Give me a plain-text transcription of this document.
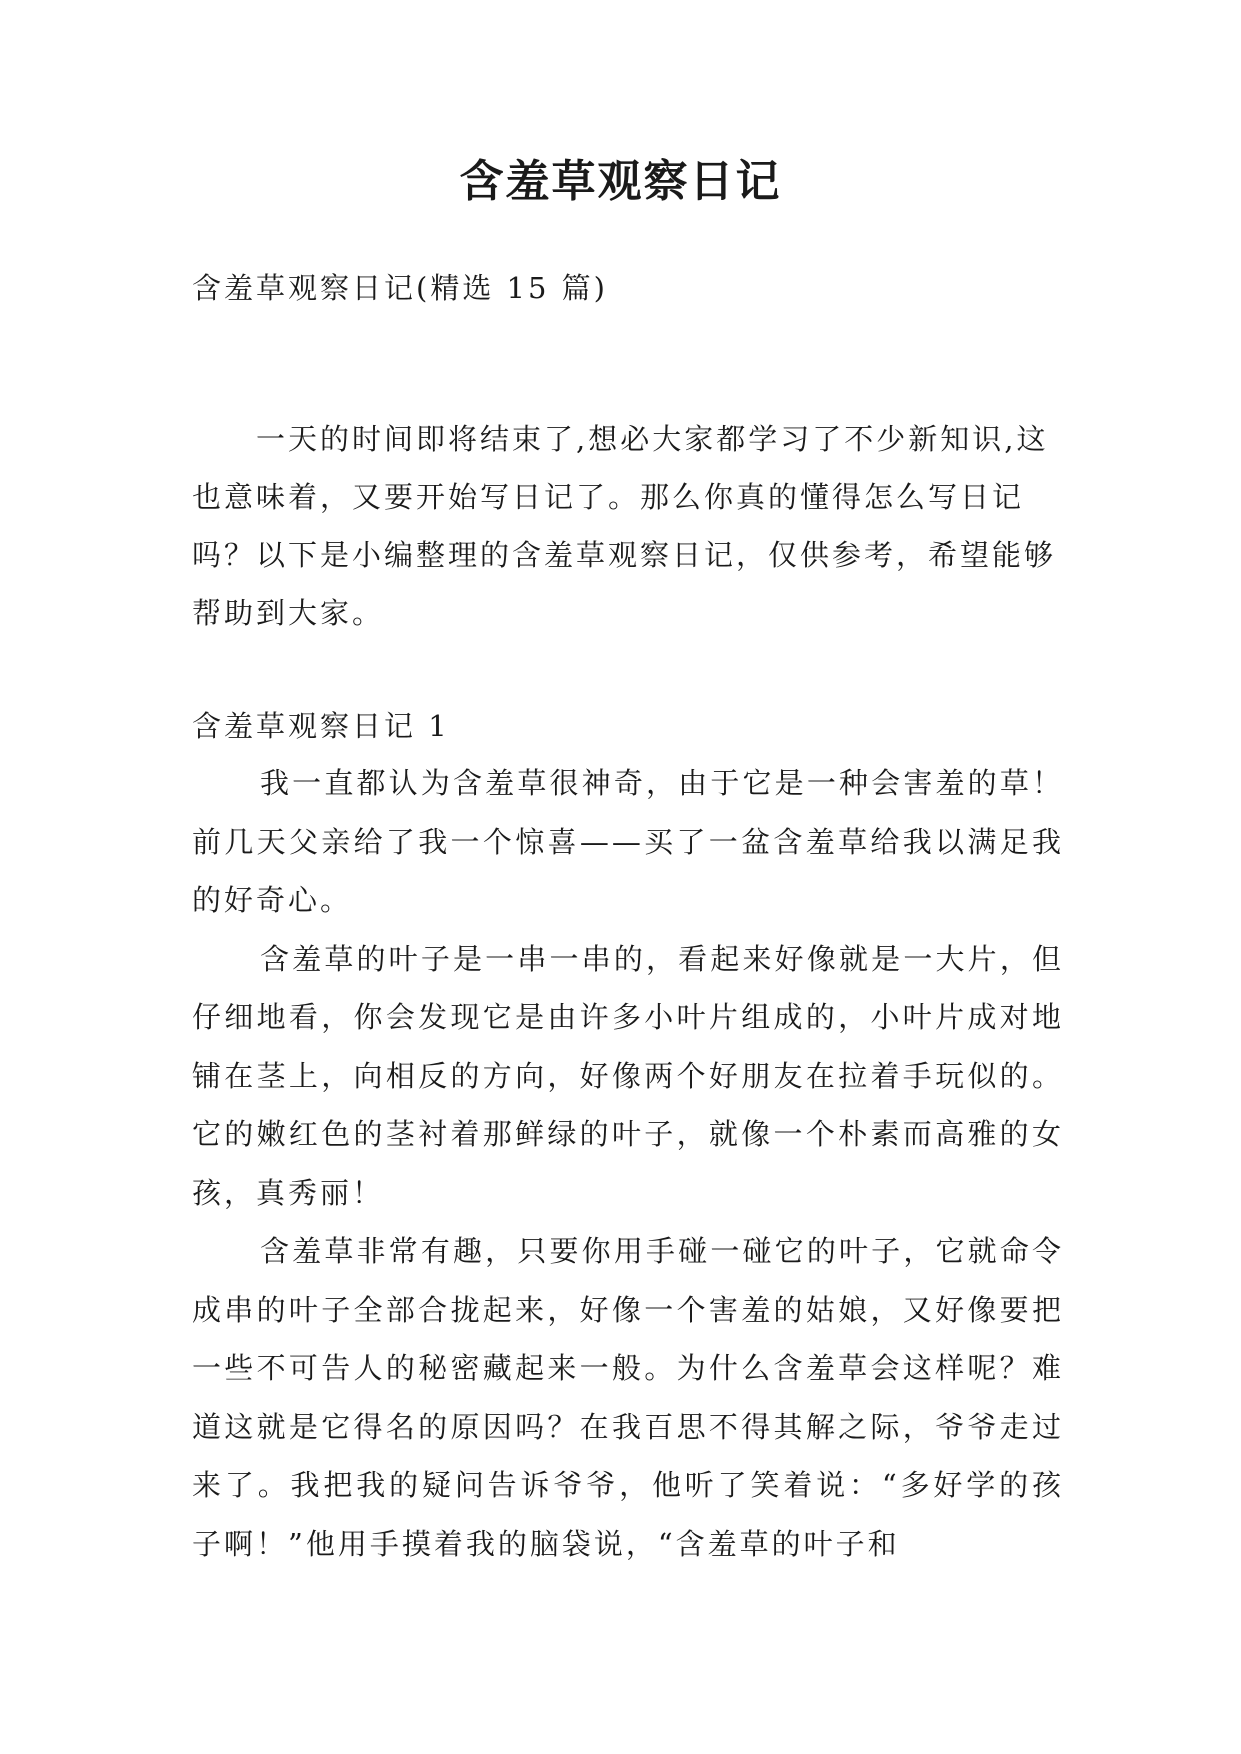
含羞草观察日记
含羞草观察日记(精选 15 篇)

一天的时间即将结束了,想必大家都学习了不少新知识,这也意味着，又要开始写日记了。那么你真的懂得怎么写日记吗？以下是小编整理的含羞草观察日记，仅供参考，希望能够帮助到大家。

含羞草观察日记 1

我一直都认为含羞草很神奇，由于它是一种会害羞的草！前几天父亲给了我一个惊喜——买了一盆含羞草给我以满足我的好奇心。

含羞草的叶子是一串一串的，看起来好像就是一大片，但仔细地看，你会发现它是由许多小叶片组成的，小叶片成对地铺在茎上，向相反的方向，好像两个好朋友在拉着手玩似的。它的嫩红色的茎衬着那鲜绿的叶子，就像一个朴素而高雅的女孩，真秀丽！

含羞草非常有趣，只要你用手碰一碰它的叶子，它就命令成串的叶子全部合拢起来，好像一个害羞的姑娘，又好像要把一些不可告人的秘密藏起来一般。为什么含羞草会这样呢？难道这就是它得名的原因吗？在我百思不得其解之际，爷爷走过来了。我把我的疑问告诉爷爷，他听了笑着说：“多好学的孩子啊！”他用手摸着我的脑袋说，“含羞草的叶子和
